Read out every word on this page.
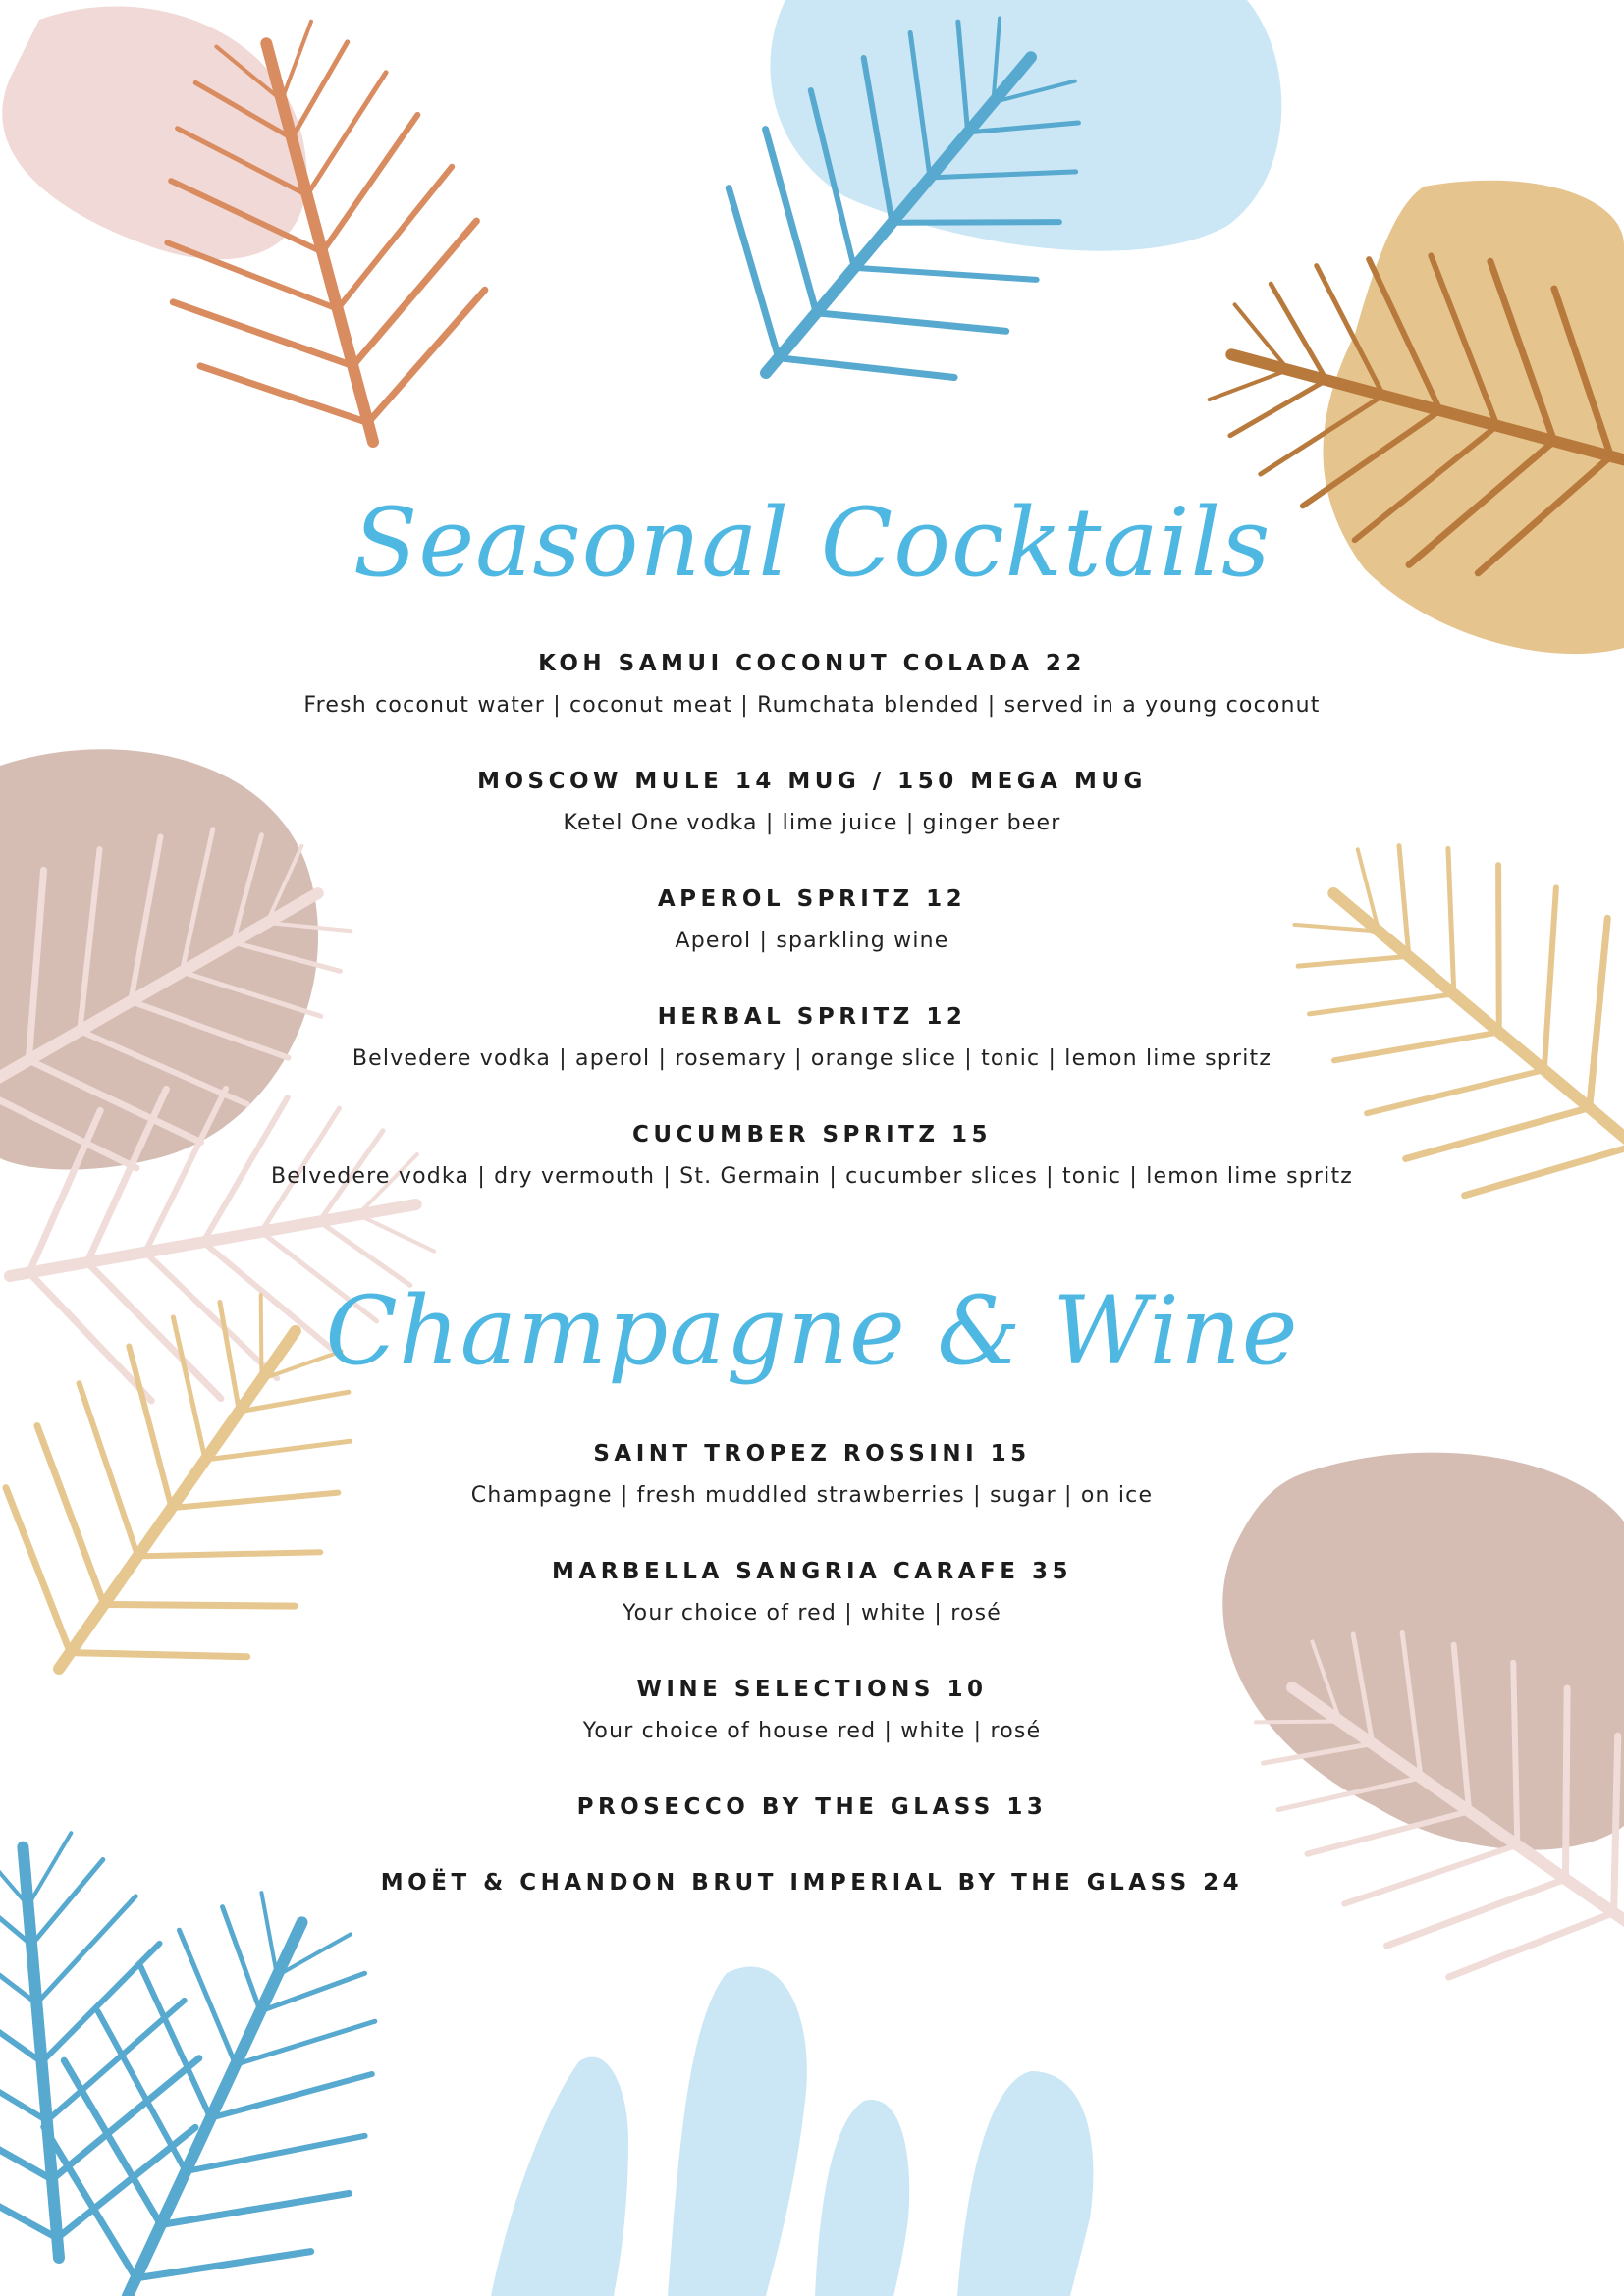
Seasonal Cocktails
KOH SAMUI COCONUT COLADA 22
Fresh coconut water | coconut meat | Rumchata blended | served in a young coconut
MOSCOW MULE 14 MUG / 150 MEGA MUG
Ketel One vodka | lime juice | ginger beer
APEROL SPRITZ 12
Aperol | sparkling wine
HERBAL SPRITZ 12
Belvedere vodka | aperol | rosemary | orange slice | tonic | lemon lime spritz
CUCUMBER SPRITZ 15
Belvedere vodka | dry vermouth | St. Germain | cucumber slices | tonic | lemon lime spritz
Champagne & Wine
SAINT TROPEZ ROSSINI 15
Champagne | fresh muddled strawberries | sugar | on ice
MARBELLA SANGRIA CARAFE 35
Your choice of red | white | rosé
WINE SELECTIONS 10
Your choice of house red | white | rosé
PROSECCO BY THE GLASS 13
MOËT & CHANDON BRUT IMPERIAL BY THE GLASS 24
